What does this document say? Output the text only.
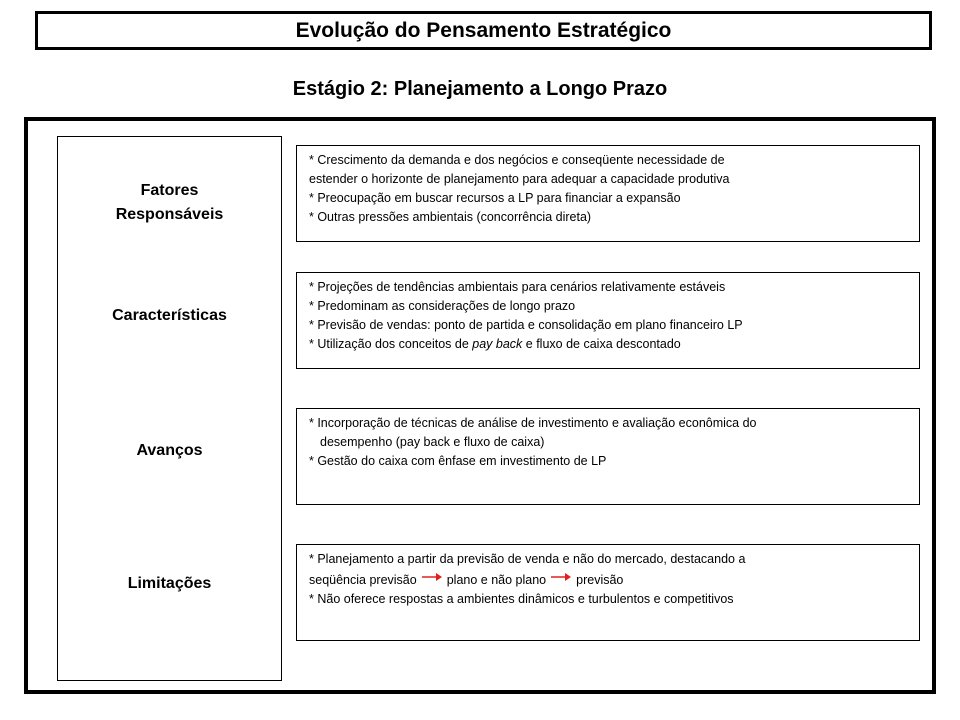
Evolução do Pensamento Estratégico
Estágio 2: Planejamento a Longo Prazo
Fatores
Responsáveis
Características
Avanços
Limitações

* Crescimento da demanda e dos negócios e conseqüente necessidade de

estender o horizonte de planejamento para adequar a capacidade produtiva

* Preocupação em buscar recursos a LP para financiar a expansão

* Outras pressões ambientais (concorrência direta)

* Projeções de tendências ambientais para cenários relativamente estáveis

* Predominam as considerações de longo prazo

* Previsão de vendas: ponto de partida e consolidação em plano financeiro LP

* Utilização dos conceitos de pay back e fluxo de caixa descontado

* Incorporação de técnicas de análise de investimento e avaliação econômica do

desempenho (pay back e fluxo de caixa)

* Gestão do caixa com ênfase em investimento de LP

* Planejamento a partir da previsão de venda e não do mercado, destacando a

seqüência previsão plano e não plano previsão

* Não oferece respostas a ambientes dinâmicos e turbulentos e competitivos
